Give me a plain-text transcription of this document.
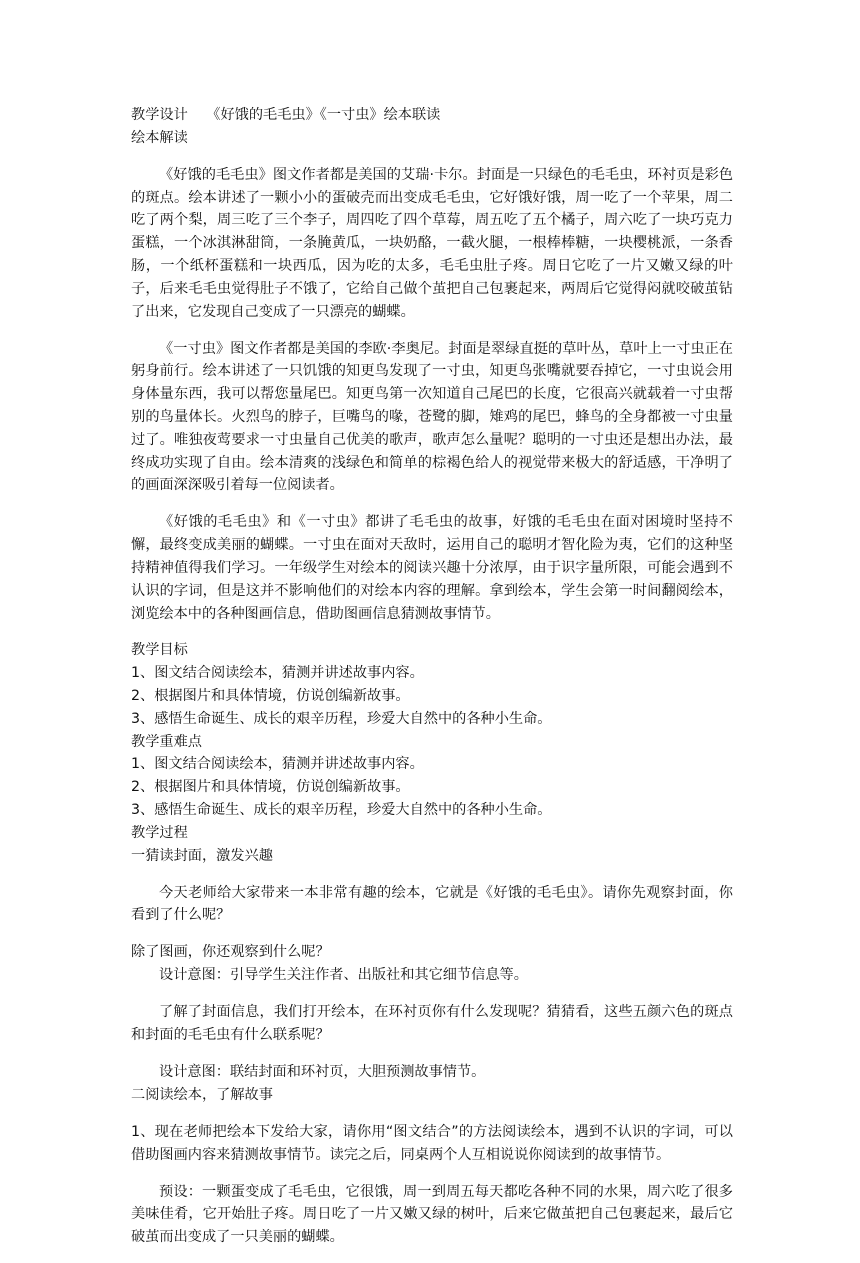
教学设计 《好饿的毛毛虫》《一寸虫》绘本联读

绘本解读

《好饿的毛毛虫》图文作者都是美国的艾瑞·卡尔。封面是一只绿色的毛毛虫，环衬页是彩色的斑点。绘本讲述了一颗小小的蛋破壳而出变成毛毛虫，它好饿好饿，周一吃了一个苹果，周二吃了两个梨，周三吃了三个李子，周四吃了四个草莓，周五吃了五个橘子，周六吃了一块巧克力蛋糕，一个冰淇淋甜筒，一条腌黄瓜，一块奶酪，一截火腿，一根棒棒糖，一块樱桃派，一条香肠，一个纸杯蛋糕和一块西瓜，因为吃的太多，毛毛虫肚子疼。周日它吃了一片又嫩又绿的叶子，后来毛毛虫觉得肚子不饿了，它给自己做个茧把自己包裹起来，两周后它觉得闷就咬破茧钻了出来，它发现自己变成了一只漂亮的蝴蝶。

《一寸虫》图文作者都是美国的李欧·李奥尼。封面是翠绿直挺的草叶丛，草叶上一寸虫正在躬身前行。绘本讲述了一只饥饿的知更鸟发现了一寸虫，知更鸟张嘴就要吞掉它，一寸虫说会用身体量东西，我可以帮您量尾巴。知更鸟第一次知道自己尾巴的长度，它很高兴就载着一寸虫帮别的鸟量体长。火烈鸟的脖子，巨嘴鸟的喙，苍鹭的脚，雉鸡的尾巴，蜂鸟的全身都被一寸虫量过了。唯独夜莺要求一寸虫量自己优美的歌声，歌声怎么量呢？聪明的一寸虫还是想出办法，最终成功实现了自由。绘本清爽的浅绿色和简单的棕褐色给人的视觉带来极大的舒适感，干净明了的画面深深吸引着每一位阅读者。

《好饿的毛毛虫》和《一寸虫》都讲了毛毛虫的故事，好饿的毛毛虫在面对困境时坚持不懈，最终变成美丽的蝴蝶。一寸虫在面对天敌时，运用自己的聪明才智化险为夷，它们的这种坚持精神值得我们学习。一年级学生对绘本的阅读兴趣十分浓厚，由于识字量所限，可能会遇到不认识的字词，但是这并不影响他们的对绘本内容的理解。拿到绘本，学生会第一时间翻阅绘本，浏览绘本中的各种图画信息，借助图画信息猜测故事情节。

教学目标

1、图文结合阅读绘本，猜测并讲述故事内容。

2、根据图片和具体情境，仿说创编新故事。

3、感悟生命诞生、成长的艰辛历程，珍爱大自然中的各种小生命。

教学重难点

1、图文结合阅读绘本，猜测并讲述故事内容。

2、根据图片和具体情境，仿说创编新故事。

3、感悟生命诞生、成长的艰辛历程，珍爱大自然中的各种小生命。

教学过程

一猜读封面，激发兴趣

今天老师给大家带来一本非常有趣的绘本，它就是《好饿的毛毛虫》。请你先观察封面，你看到了什么呢？

除了图画，你还观察到什么呢？

设计意图：引导学生关注作者、出版社和其它细节信息等。

了解了封面信息，我们打开绘本，在环衬页你有什么发现呢？猜猜看，这些五颜六色的斑点和封面的毛毛虫有什么联系呢？

设计意图：联结封面和环衬页，大胆预测故事情节。

二阅读绘本，了解故事

1、现在老师把绘本下发给大家，请你用“图文结合”的方法阅读绘本，遇到不认识的字词，可以借助图画内容来猜测故事情节。读完之后，同桌两个人互相说说你阅读到的故事情节。

预设：一颗蛋变成了毛毛虫，它很饿，周一到周五每天都吃各种不同的水果，周六吃了很多美味佳肴，它开始肚子疼。周日吃了一片又嫩又绿的树叶，后来它做茧把自己包裹起来，最后它破茧而出变成了一只美丽的蝴蝶。
